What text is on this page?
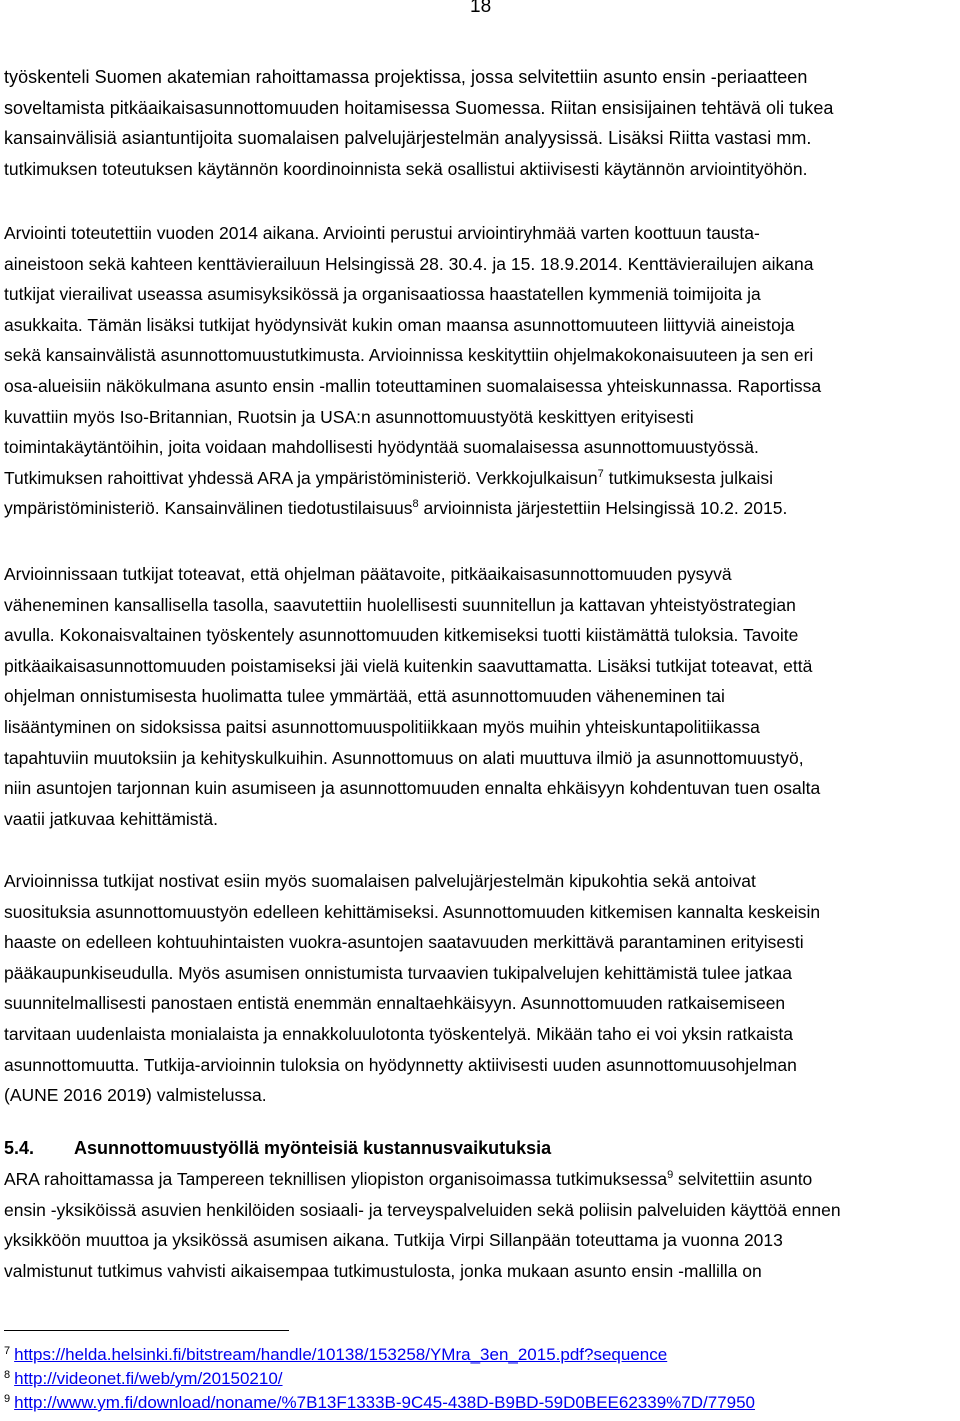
18

työskenteli Suomen akatemian rahoittamassa projektissa, jossa selvitettiin asunto ensin -periaatteen
soveltamista pitkäaikaisasunnottomuuden hoitamisessa Suomessa. Riitan ensisijainen tehtävä oli tukea
kansainvälisiä asiantuntijoita suomalaisen palvelujärjestelmän analyysissä. Lisäksi Riitta vastasi mm.
tutkimuksen toteutuksen käytännön koordinoinnista sekä osallistui aktiivisesti käytännön arviointityöhön.

Arviointi toteutettiin vuoden 2014 aikana. Arviointi perustui arviointiryhmää varten koottuun tausta-
aineistoon sekä kahteen kenttävierailuun Helsingissä 28. 30.4. ja 15. 18.9.2014. Kenttävierailujen aikana
tutkijat vierailivat useassa asumisyksikössä ja organisaatiossa haastatellen kymmeniä toimijoita ja
asukkaita. Tämän lisäksi tutkijat hyödynsivät kukin oman maansa asunnottomuuteen liittyviä aineistoja
sekä kansainvälistä asunnottomuustutkimusta. Arvioinnissa keskityttiin ohjelmakokonaisuuteen ja sen eri
osa-alueisiin näkökulmana asunto ensin -mallin toteuttaminen suomalaisessa yhteiskunnassa. Raportissa
kuvattiin myös Iso-Britannian, Ruotsin ja USA:n asunnottomuustyötä keskittyen erityisesti
toimintakäytäntöihin, joita voidaan mahdollisesti hyödyntää suomalaisessa asunnottomuustyössä.
Tutkimuksen rahoittivat yhdessä ARA ja ympäristöministeriö. Verkkojulkaisun$^7$ tutkimuksesta julkaisi
ympäristöministeriö. Kansainvälinen tiedotustilaisuus$^8$ arvioinnista järjestettiin Helsingissä 10.2. 2015.

Arvioinnissaan tutkijat toteavat, että ohjelman päätavoite, pitkäaikaisasunnottomuuden pysyvä
väheneminen kansallisella tasolla, saavutettiin huolellisesti suunnitellun ja kattavan yhteistyöstrategian
avulla. Kokonaisvaltainen työskentely asunnottomuuden kitkemiseksi tuotti kiistämättä tuloksia. Tavoite
pitkäaikaisasunnottomuuden poistamiseksi jäi vielä kuitenkin saavuttamatta. Lisäksi tutkijat toteavat, että
ohjelman onnistumisesta huolimatta tulee ymmärtää, että asunnottomuuden väheneminen tai
lisääntyminen on sidoksissa paitsi asunnottomuuspolitiikkaan myös muihin yhteiskuntapolitiikassa
tapahtuviin muutoksiin ja kehityskulkuihin. Asunnottomuus on alati muuttuva ilmiö ja asunnottomuustyö,
niin asuntojen tarjonnan kuin asumiseen ja asunnottomuuden ennalta ehkäisyyn kohdentuvan tuen osalta
vaatii jatkuvaa kehittämistä.

Arvioinnissa tutkijat nostivat esiin myös suomalaisen palvelujärjestelmän kipukohtia sekä antoivat
suosituksia asunnottomuustyön edelleen kehittämiseksi. Asunnottomuuden kitkemisen kannalta keskeisin
haaste on edelleen kohtuuhintaisten vuokra-asuntojen saatavuuden merkittävä parantaminen erityisesti
pääkaupunkiseudulla. Myös asumisen onnistumista turvaavien tukipalvelujen kehittämistä tulee jatkaa
suunnitelmallisesti panostaen entistä enemmän ennaltaehkäisyyn. Asunnottomuuden ratkaisemiseen
tarvitaan uudenlaista monialaista ja ennakkoluulotonta työskentelyä. Mikään taho ei voi yksin ratkaista
asunnottomuutta. Tutkija-arvioinnin tuloksia on hyödynnetty aktiivisesti uuden asunnottomuusohjelman
(AUNE 2016 2019) valmistelussa.

5.4. Asunnottomuustyöllä myönteisiä kustannusvaikutuksia

ARA rahoittamassa ja Tampereen teknillisen yliopiston organisoimassa tutkimuksessa$^9$ selvitettiin asunto
ensin -yksiköissä asuvien henkilöiden sosiaali- ja terveyspalveluiden sekä poliisin palveluiden käyttöä ennen
yksikköön muuttoa ja yksikössä asumisen aikana. Tutkija Virpi Sillanpään toteuttama ja vuonna 2013
valmistunut tutkimus vahvisti aikaisempaa tutkimustulosta, jonka mukaan asunto ensin -mallilla on

$^7$ https://helda.helsinki.fi/bitstream/handle/10138/153258/YMra_3en_2015.pdf?sequence
$^8$ http://videonet.fi/web/ym/20150210/
$^9$ http://www.ym.fi/download/noname/%7B13F1333B-9C45-438D-B9BD-59D0BEE62339%7D/77950
